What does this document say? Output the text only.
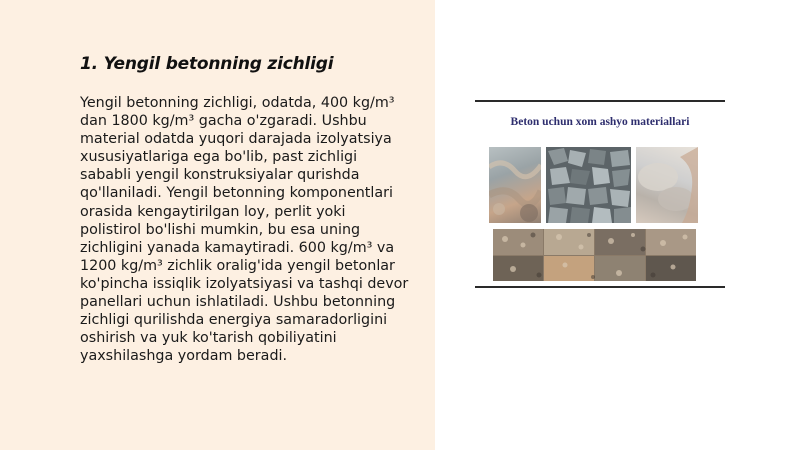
1. Yengil betonning zichligi

Yengil betonning zichligi, odatda, 400 kg/m³
dan 1800 kg/m³ gacha o'zgaradi. Ushbu
material odatda yuqori darajada izolyatsiya
xususiyatlariga ega bo'lib, past zichligi
sababli yengil konstruksiyalar qurishda
qo'llaniladi. Yengil betonning komponentlari
orasida kengaytirilgan loy, perlit yoki
polistirol bo'lishi mumkin, bu esa uning
zichligini yanada kamaytiradi. 600 kg/m³ va
1200 kg/m³ zichlik oralig'ida yengil betonlar
ko'pincha issiqlik izolyatsiyasi va tashqi devor
panellari uchun ishlatiladi. Ushbu betonning
zichligi qurilishda energiya samaradorligini
oshirish va yuk ko'tarish qobiliyatini
yaxshilashga yordam beradi.

Beton uchun xom ashyo materiallari
